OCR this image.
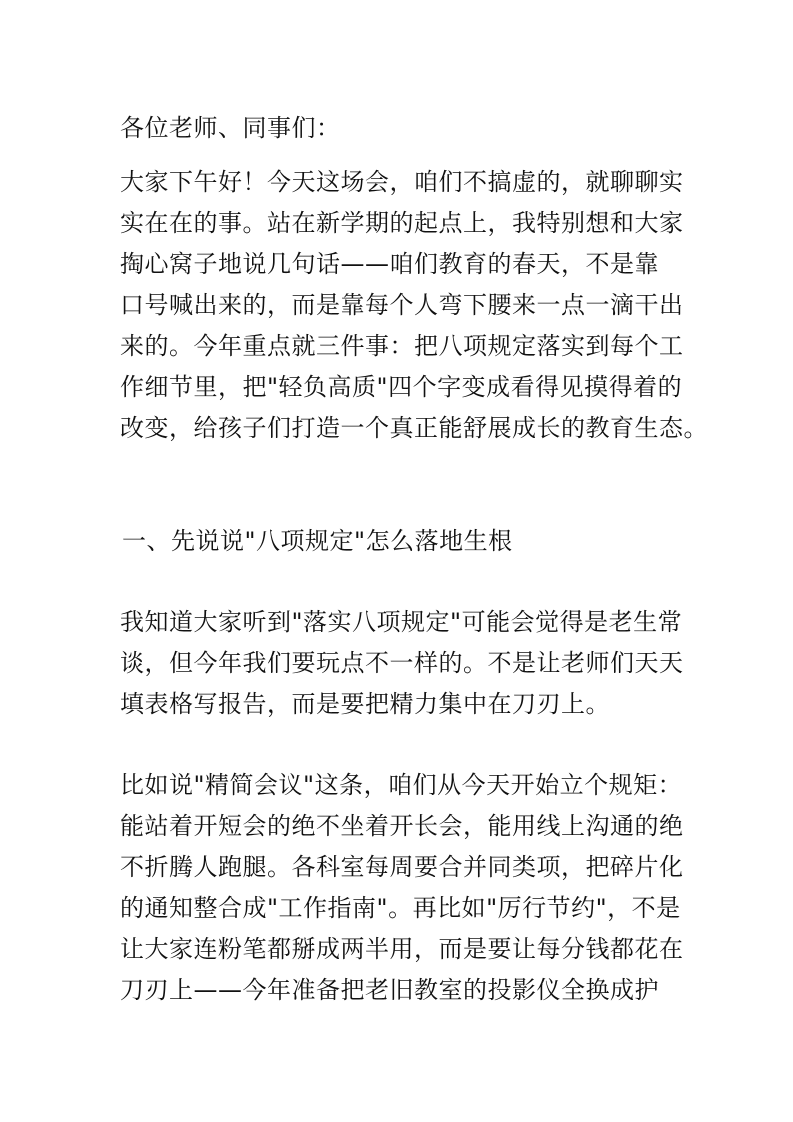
各位老师、同事们：
大家下午好！今天这场会，咱们不搞虚的，就聊聊实
实在在的事。站在新学期的起点上，我特别想和大家
掏心窝子地说几句话——咱们教育的春天，不是靠
口号喊出来的，而是靠每个人弯下腰来一点一滴干出
来的。今年重点就三件事：把八项规定落实到每个工
作细节里，把"轻负高质"四个字变成看得见摸得着的
改变，给孩子们打造一个真正能舒展成长的教育生态。
一、先说说"八项规定"怎么落地生根
我知道大家听到"落实八项规定"可能会觉得是老生常
谈，但今年我们要玩点不一样的。不是让老师们天天
填表格写报告，而是要把精力集中在刀刃上。
比如说"精简会议"这条，咱们从今天开始立个规矩：
能站着开短会的绝不坐着开长会，能用线上沟通的绝
不折腾人跑腿。各科室每周要合并同类项，把碎片化
的通知整合成"工作指南"。再比如"厉行节约"，不是
让大家连粉笔都掰成两半用，而是要让每分钱都花在
刀刃上——今年准备把老旧教室的投影仪全换成护
